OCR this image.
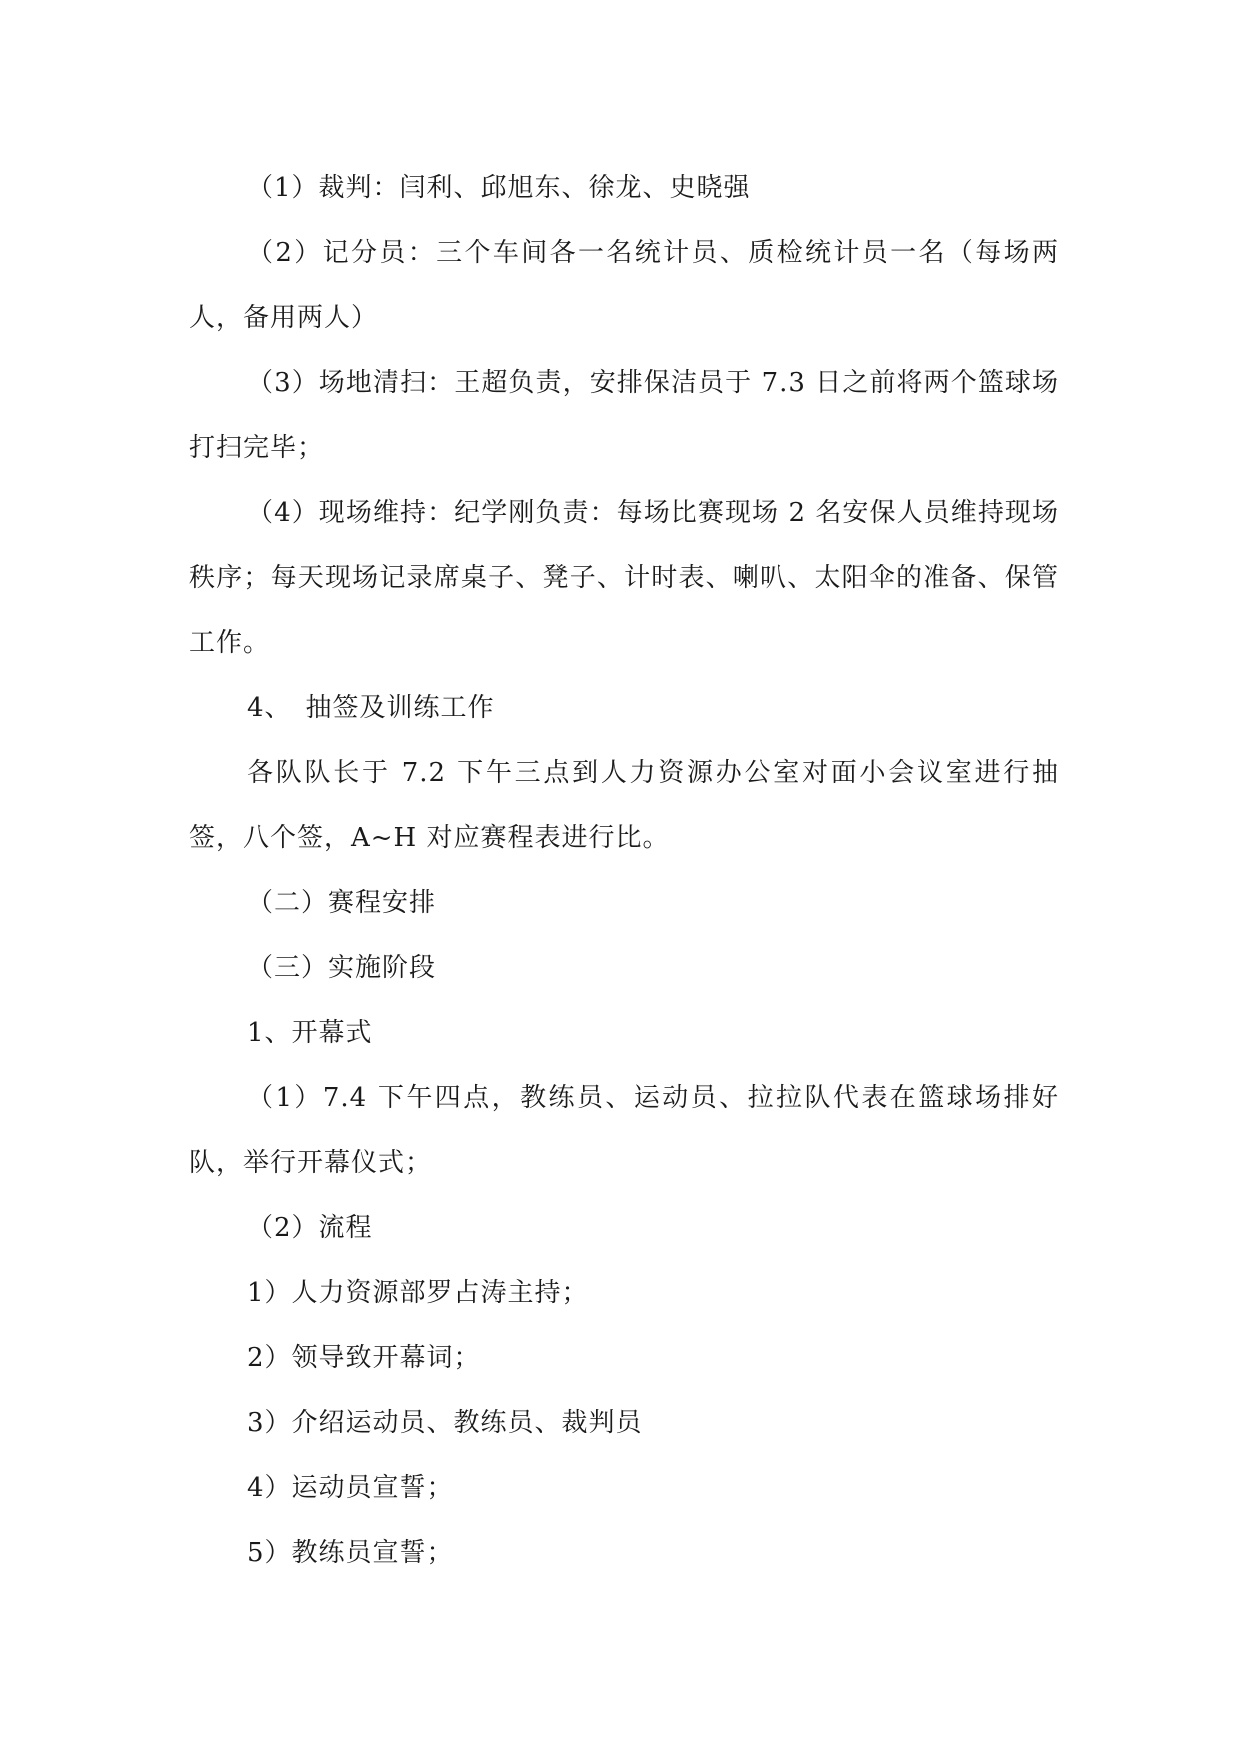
（1）裁判：闫利、邱旭东、徐龙、史晓强

（2）记分员：三个车间各一名统计员、质检统计员一名（每场两人，备用两人）

（3）场地清扫：王超负责，安排保洁员于 7.3 日之前将两个篮球场打扫完毕；

（4）现场维持：纪学刚负责：每场比赛现场 2 名安保人员维持现场秩序；每天现场记录席桌子、凳子、计时表、喇叭、太阳伞的准备、保管工作。

4、　抽签及训练工作

各队队长于 7.2 下午三点到人力资源办公室对面小会议室进行抽签，八个签，A~H 对应赛程表进行比。

（二）赛程安排

（三）实施阶段

1、开幕式

（1）7.4 下午四点，教练员、运动员、拉拉队代表在篮球场排好队，举行开幕仪式；

（2）流程

1）人力资源部罗占涛主持；

2）领导致开幕词；

3）介绍运动员、教练员、裁判员

4）运动员宣誓；

5）教练员宣誓；
